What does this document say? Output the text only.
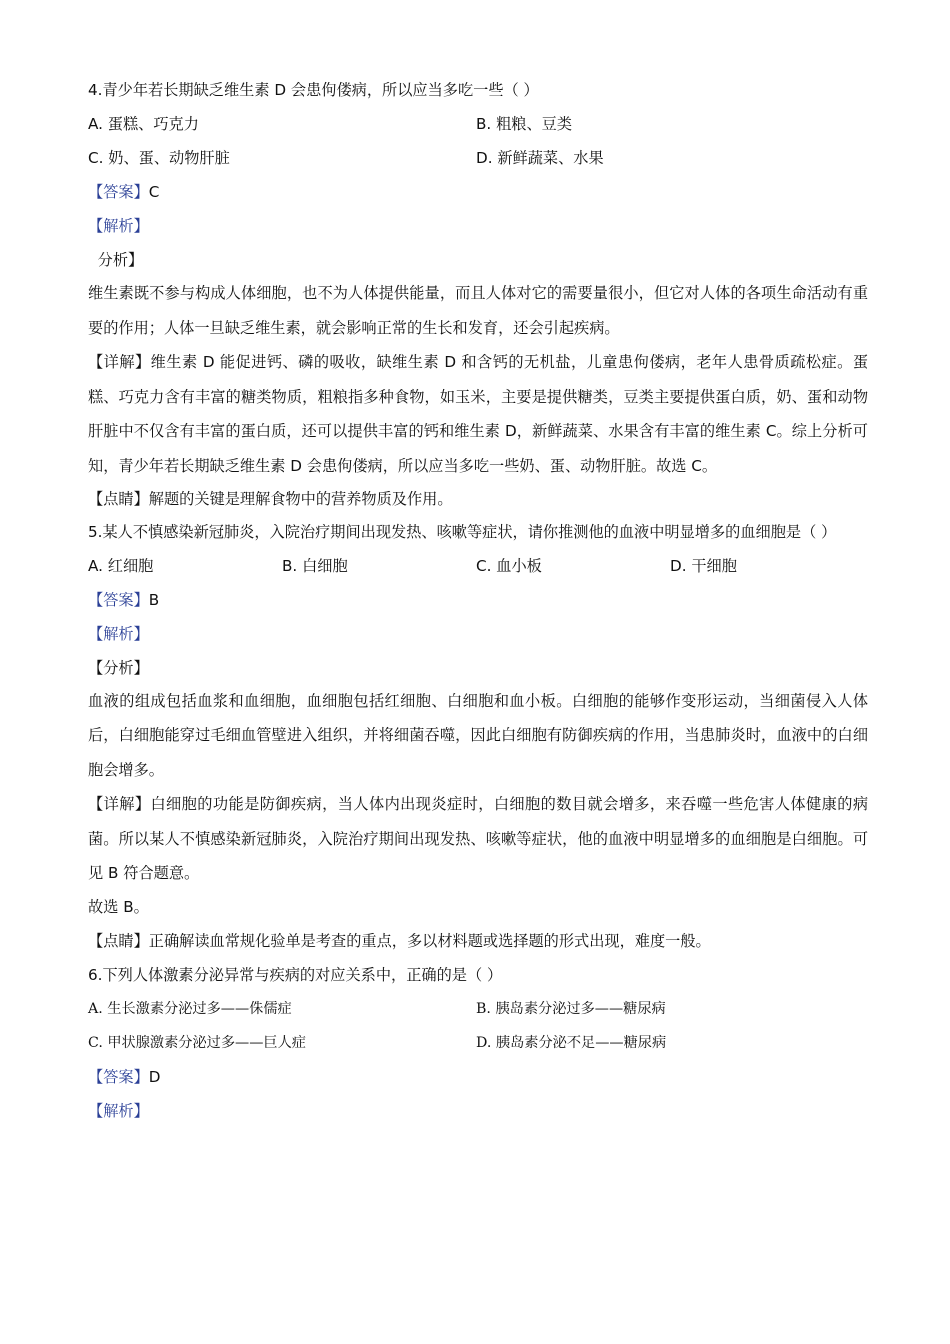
4.青少年若长期缺乏维生素 D 会患佝偻病，所以应当多吃一些（ ）

A. 蛋糕、巧克力	B. 粗粮、豆类
C. 奶、蛋、动物肝脏	D. 新鲜蔬菜、水果

【答案】C

【解析】

分析】

维生素既不参与构成人体细胞，也不为人体提供能量，而且人体对它的需要量很小，但它对人体的各项生命活动有重要的作用；人体一旦缺乏维生素，就会影响正常的生长和发育，还会引起疾病。

【详解】维生素 D 能促进钙、磷的吸收，缺维生素 D 和含钙的无机盐，儿童患佝偻病，老年人患骨质疏松症。蛋糕、巧克力含有丰富的糖类物质，粗粮指多种食物，如玉米，主要是提供糖类，豆类主要提供蛋白质，奶、蛋和动物肝脏中不仅含有丰富的蛋白质，还可以提供丰富的钙和维生素 D，新鲜蔬菜、水果含有丰富的维生素 C。综上分析可知，青少年若长期缺乏维生素 D 会患佝偻病，所以应当多吃一些奶、蛋、动物肝脏。故选 C。

【点睛】解题的关键是理解食物中的营养物质及作用。

5.某人不慎感染新冠肺炎，入院治疗期间出现发热、咳嗽等症状，请你推测他的血液中明显增多的血细胞是（ ）

A. 红细胞	B. 白细胞	C. 血小板	D. 干细胞

【答案】B

【解析】

【分析】

血液的组成包括血浆和血细胞，血细胞包括红细胞、白细胞和血小板。白细胞的能够作变形运动，当细菌侵入人体后，白细胞能穿过毛细血管壁进入组织，并将细菌吞噬，因此白细胞有防御疾病的作用，当患肺炎时，血液中的白细胞会增多。

【详解】白细胞的功能是防御疾病，当人体内出现炎症时，白细胞的数目就会增多，来吞噬一些危害人体健康的病菌。所以某人不慎感染新冠肺炎，入院治疗期间出现发热、咳嗽等症状，他的血液中明显增多的血细胞是白细胞。可见 B 符合题意。

故选 B。

【点睛】正确解读血常规化验单是考查的重点，多以材料题或选择题的形式出现，难度一般。

6.下列人体激素分泌异常与疾病的对应关系中，正确的是（ ）

A. 生长激素分泌过多——侏儒症	B. 胰岛素分泌过多——糖尿病
C. 甲状腺激素分泌过多——巨人症	D. 胰岛素分泌不足——糖尿病

【答案】D

【解析】
